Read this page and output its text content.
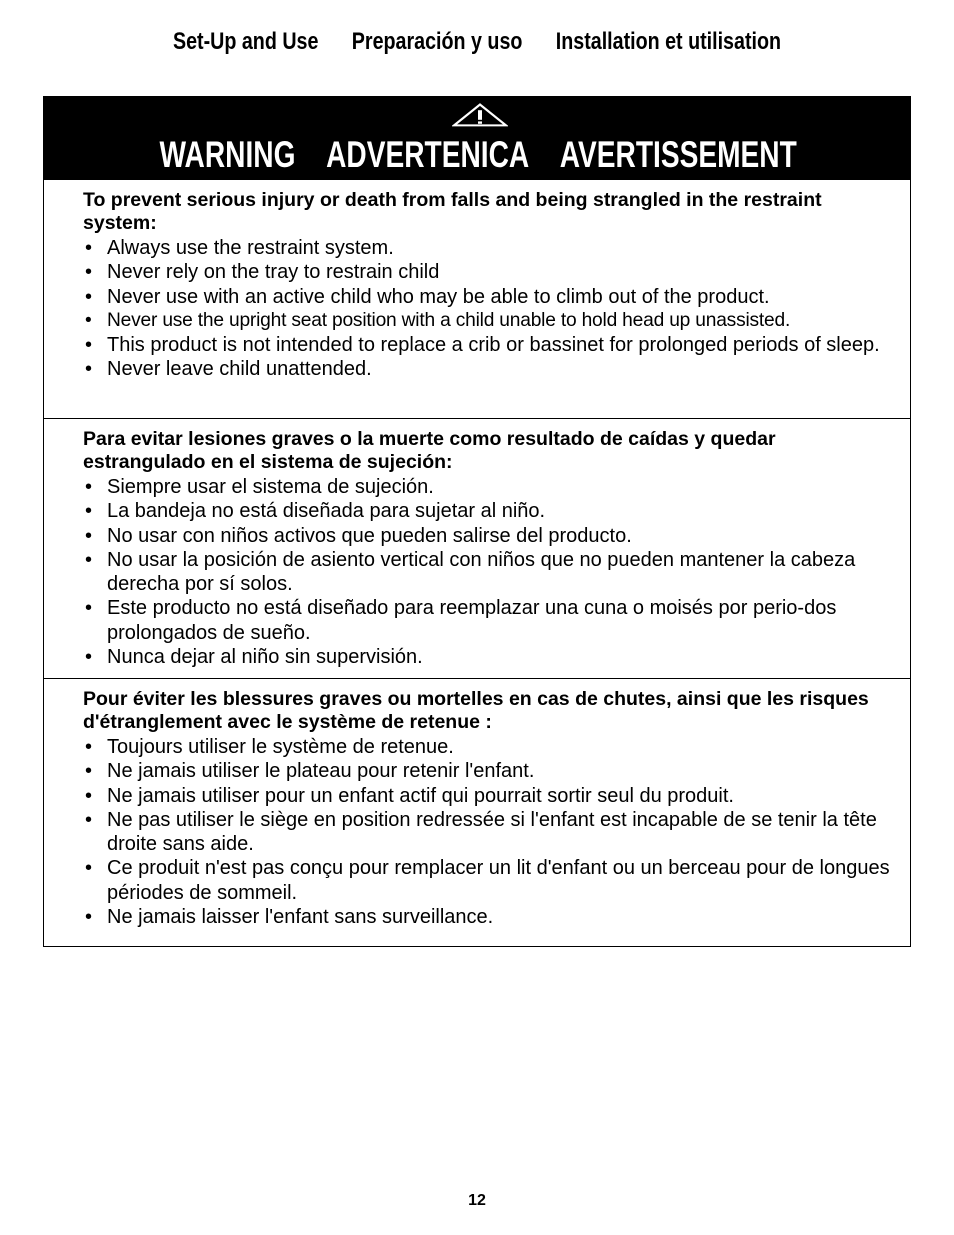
Set-Up and Use Preparación y uso Installation et utilisation
WARNING ADVERTENICA AVERTISSEMENT
To prevent serious injury or death from falls and being strangled in the restraint system:
• Always use the restraint system.
• Never rely on the tray to restrain child
• Never use with an active child who may be able to climb out of the product.
• Never use the upright seat position with a child unable to hold head up unassisted.
• This product is not intended to replace a crib or bassinet for prolonged periods of sleep.
• Never leave child unattended.
Para evitar lesiones graves o la muerte como resultado de caídas y quedar estrangulado en el sistema de sujeción:
• Siempre usar el sistema de sujeción.
• La bandeja no está diseñada para sujetar al niño.
• No usar con niños activos que pueden salirse del producto.
• No usar la posición de asiento vertical con niños que no pueden mantener la cabeza derecha por sí solos.
• Este producto no está diseñado para reemplazar una cuna o moisés por perio-dos prolongados de sueño.
• Nunca dejar al niño sin supervisión.
Pour éviter les blessures graves ou mortelles en cas de chutes, ainsi que les risques d'étranglement avec le système de retenue :
• Toujours utiliser le système de retenue.
• Ne jamais utiliser le plateau pour retenir l'enfant.
• Ne jamais utiliser pour un enfant actif qui pourrait sortir seul du produit.
• Ne pas utiliser le siège en position redressée si l'enfant est incapable de se tenir la tête droite sans aide.
• Ce produit n'est pas conçu pour remplacer un lit d'enfant ou un berceau pour de longues périodes de sommeil.
• Ne jamais laisser l'enfant sans surveillance.
12
